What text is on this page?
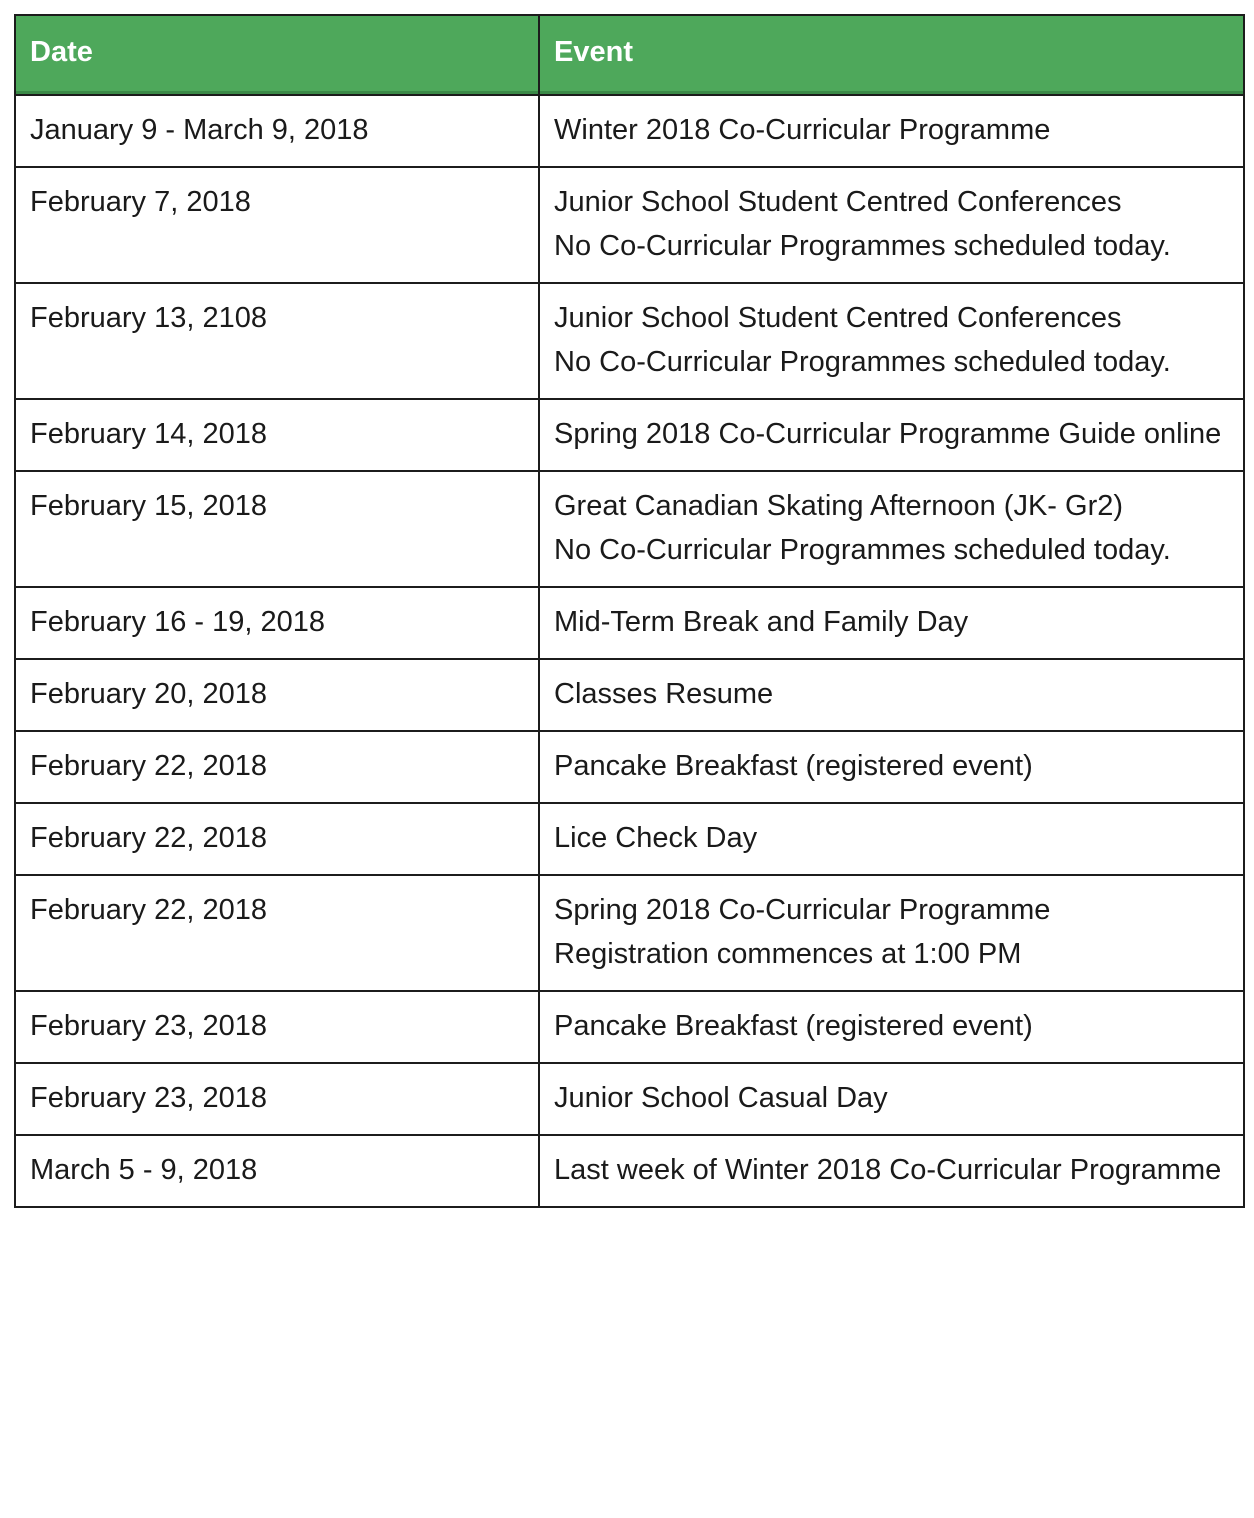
Date	Event
January 9 - March 9, 2018	Winter 2018 Co-Curricular Programme

February 7, 2018	Junior School Student Centred Conferences
No Co-Curricular Programmes scheduled today.

February 13, 2108	Junior School Student Centred Conferences
No Co-Curricular Programmes scheduled today.

February 14, 2018	Spring 2018 Co-Curricular Programme Guide online

February 15, 2018	Great Canadian Skating Afternoon (JK- Gr2)
No Co-Curricular Programmes scheduled today.

February 16 - 19, 2018	Mid-Term Break and Family Day

February 20, 2018	Classes Resume

February 22, 2018	Pancake Breakfast (registered event)

February 22, 2018	Lice Check Day

February 22, 2018	Spring 2018 Co-Curricular Programme
Registration commences at 1:00 PM

February 23, 2018	Pancake Breakfast (registered event)

February 23, 2018	Junior School Casual Day

March 5 - 9, 2018	Last week of Winter 2018 Co-Curricular Programme
